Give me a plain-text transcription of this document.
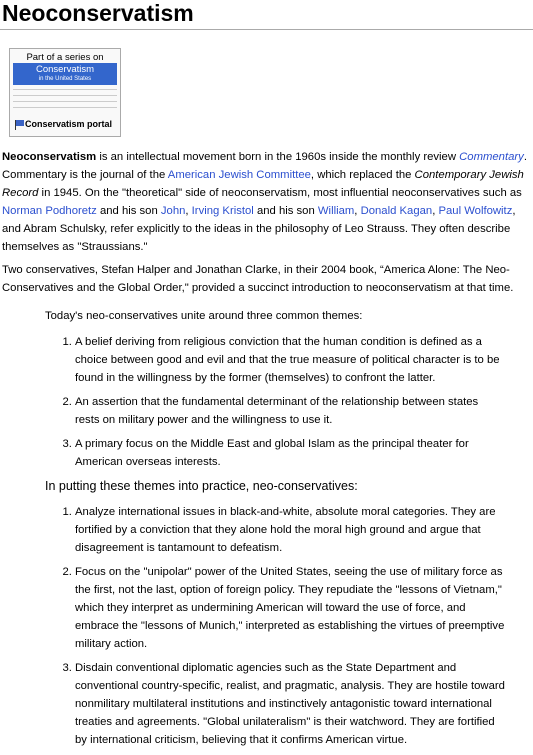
Neoconservatism
Part of a series on
Conservatism
in the United States
Conservatism portal

Neoconservatism is an intellectual movement born in the 1960s inside the monthly review Commentary. Commentary is the journal of the American Jewish Committee, which replaced the Contemporary Jewish Record in 1945. On the "theoretical" side of neoconservatism, most influential neoconservatives such as Norman Podhoretz and his son John, Irving Kristol and his son William, Donald Kagan, Paul Wolfowitz, and Abram Schulsky, refer explicitly to the ideas in the philosophy of Leo Strauss. They often describe themselves as "Straussians."

Two conservatives, Stefan Halper and Jonathan Clarke, in their 2004 book, “America Alone: The Neo-Conservatives and the Global Order," provided a succinct introduction to neoconservatism at that time.

Today's neo-conservatives unite around three common themes:

1. A belief deriving from religious conviction that the human condition is defined as a choice between good and evil and that the true measure of political character is to be found in the willingness by the former (themselves) to confront the latter.
2. An assertion that the fundamental determinant of the relationship between states rests on military power and the willingness to use it.
3. A primary focus on the Middle East and global Islam as the principal theater for American overseas interests.

In putting these themes into practice, neo-conservatives:

1. Analyze international issues in black-and-white, absolute moral categories. They are fortified by a conviction that they alone hold the moral high ground and argue that disagreement is tantamount to defeatism.
2. Focus on the "unipolar" power of the United States, seeing the use of military force as the first, not the last, option of foreign policy. They repudiate the "lessons of Vietnam," which they interpret as undermining American will toward the use of force, and embrace the "lessons of Munich," interpreted as establishing the virtues of preemptive military action.
3. Disdain conventional diplomatic agencies such as the State Department and conventional country-specific, realist, and pragmatic, analysis. They are hostile toward nonmilitary multilateral institutions and instinctively antagonistic toward international treaties and agreements. "Global unilateralism" is their watchword. They are fortified by international criticism, believing that it confirms American virtue.
